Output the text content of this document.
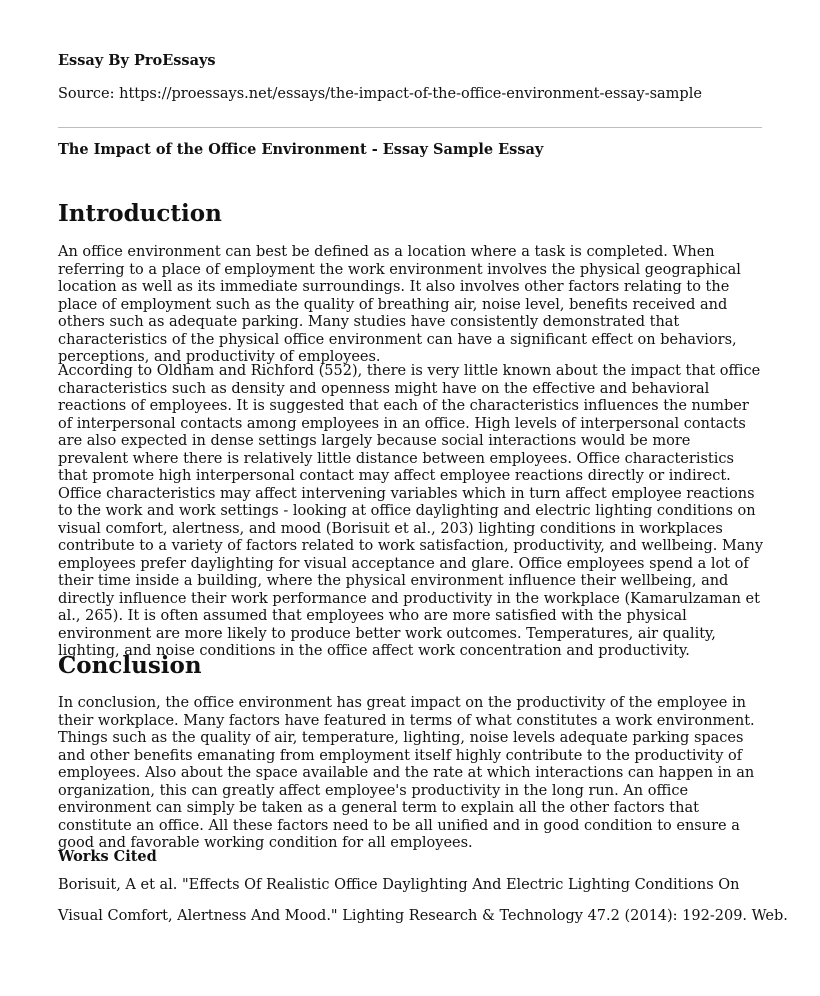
Essay By ProEssays
Source: https://proessays.net/essays/the-impact-of-the-office-environment-essay-sample
The Impact of the Office Environment - Essay Sample Essay
Introduction

An office environment can best be defined as a location where a task is completed. When referring to a place of employment the work environment involves the physical geographical location as well as its immediate surroundings. It also involves other factors relating to the place of employment such as the quality of breathing air, noise level, benefits received and others such as adequate parking. Many studies have consistently demonstrated that characteristics of the physical office environment can have a significant effect on behaviors, perceptions, and productivity of employees.

According to Oldham and Richford (552), there is very little known about the impact that office characteristics such as density and openness might have on the effective and behavioral reactions of employees. It is suggested that each of the characteristics influences the number of interpersonal contacts among employees in an office. High levels of interpersonal contacts are also expected in dense settings largely because social interactions would be more prevalent where there is relatively little distance between employees. Office characteristics that promote high interpersonal contact may affect employee reactions directly or indirect. Office characteristics may affect intervening variables which in turn affect employee reactions to the work and work settings - looking at office daylighting and electric lighting conditions on visual comfort, alertness, and mood (Borisuit et al., 203) lighting conditions in workplaces contribute to a variety of factors related to work satisfaction, productivity, and wellbeing. Many employees prefer daylighting for visual acceptance and glare. Office employees spend a lot of their time inside a building, where the physical environment influence their wellbeing, and directly influence their work performance and productivity in the workplace (Kamarulzaman et al., 265). It is often assumed that employees who are more satisfied with the physical environment are more likely to produce better work outcomes. Temperatures, air quality, lighting, and noise conditions in the office affect work concentration and productivity.

Conclusion

In conclusion, the office environment has great impact on the productivity of the employee in their workplace. Many factors have featured in terms of what constitutes a work environment. Things such as the quality of air, temperature, lighting, noise levels adequate parking spaces and other benefits emanating from employment itself highly contribute to the productivity of employees. Also about the space available and the rate at which interactions can happen in an organization, this can greatly affect employee's productivity in the long run. An office environment can simply be taken as a general term to explain all the other factors that constitute an office. All these factors need to be all unified and in good condition to ensure a good and favorable working condition for all employees.

Works Cited
Borisuit, A et al. "Effects Of Realistic Office Daylighting And Electric Lighting Conditions On
Visual Comfort, Alertness And Mood." Lighting Research & Technology 47.2 (2014): 192-209. Web.
